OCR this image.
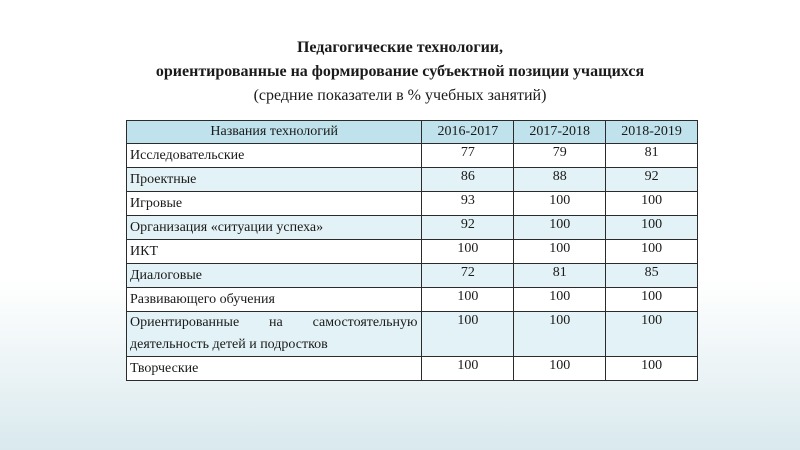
Педагогические технологии,
ориентированные на формирование субъектной позиции учащихся
(средние показатели в % учебных занятий)
Названия технологий	2016-2017	2017-2018	2018-2019
Исследовательские	77	79	81
Проектные	86	88	92
Игровые	93	100	100
Организация «ситуации успеха»	92	100	100
ИКТ	100	100	100
Диалоговые	72	81	85
Развивающего обучения	100	100	100
Ориентированные на самостоятельную деятельность детей и подростков	100	100	100
Творческие	100	100	100
